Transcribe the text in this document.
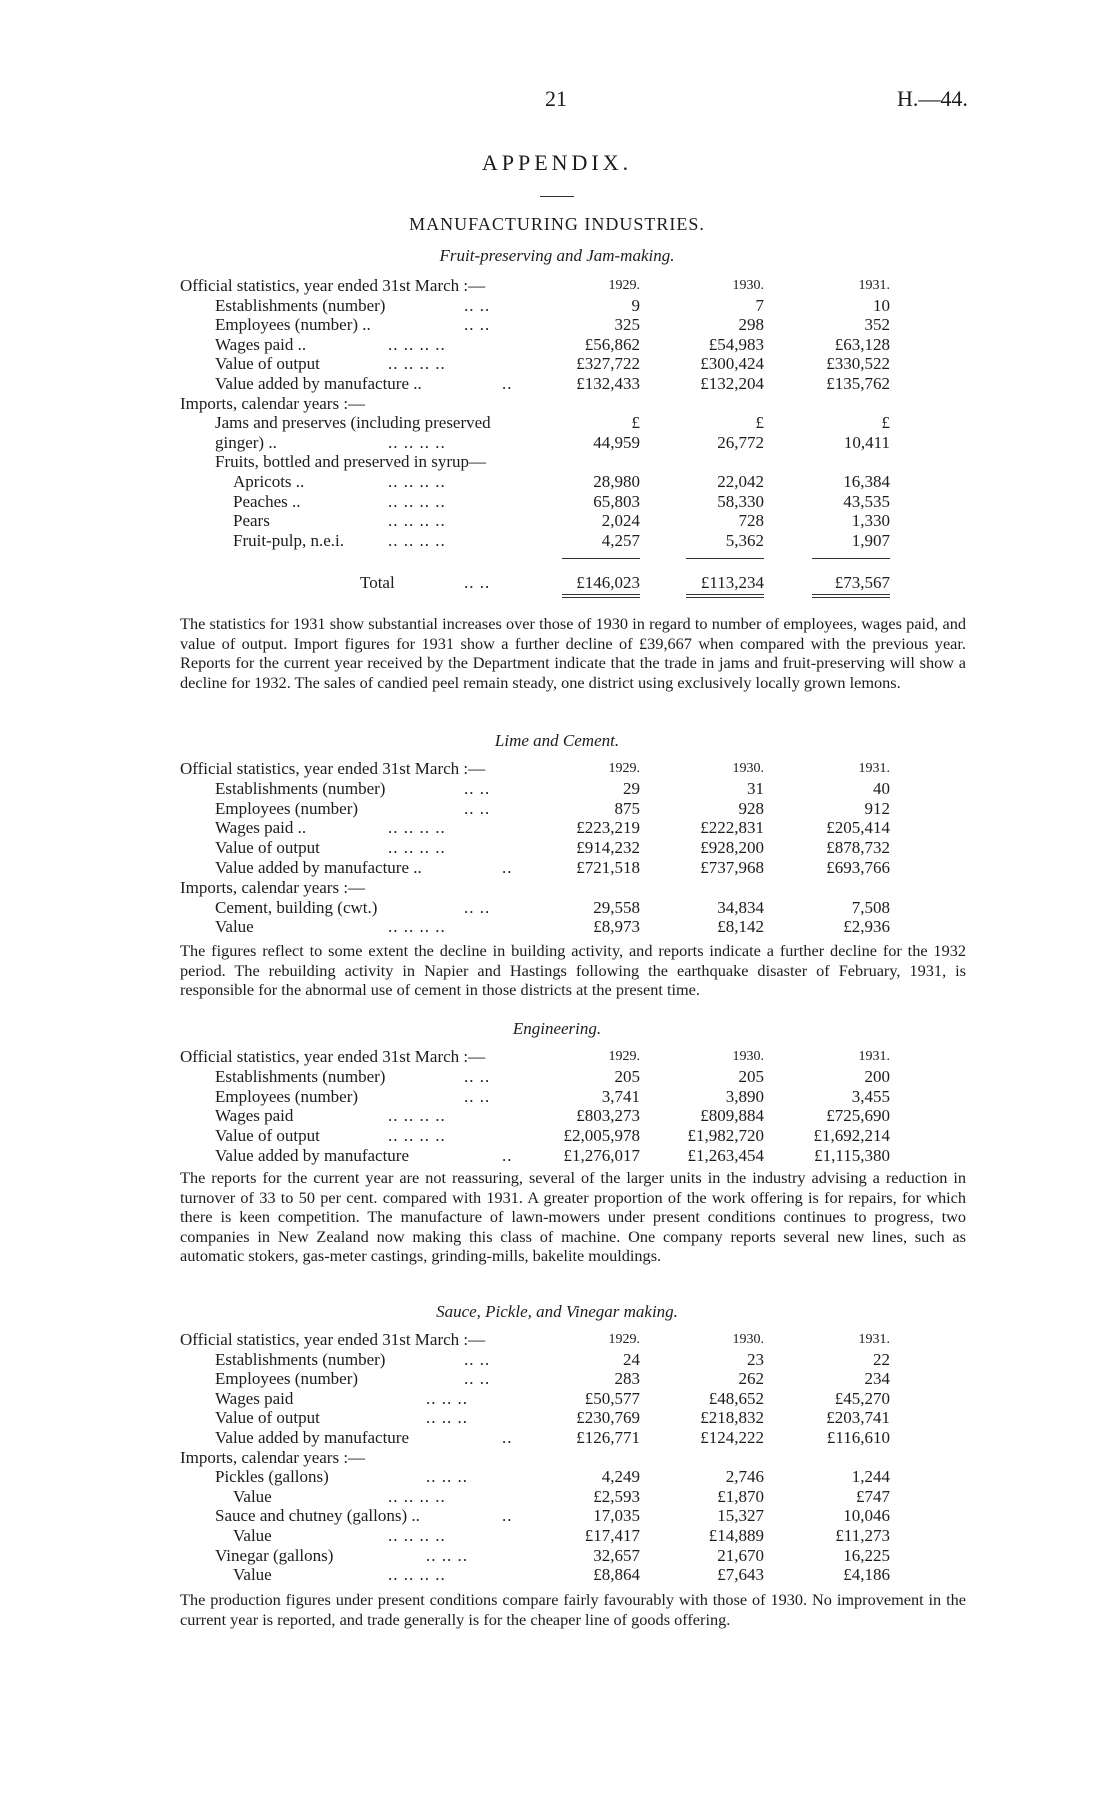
21	H.—44.
APPENDIX.
MANUFACTURING INDUSTRIES.
Fruit-preserving and Jam-making.
Official statistics, year ended 31st March :—	1929.	1930.	1931.
Establishments (number)	.. ..	9	7	10
Employees (number) ..	.. ..	325	298	352
Wages paid ..	.. .. .. ..	£56,862	£54,983	£63,128
Value of output	.. .. .. ..	£327,722	£300,424	£330,522
Value added by manufacture ..	..	£132,433	£132,204	£135,762
Imports, calendar years :—
Jams and preserves (including preserved	£	£	£
ginger) ..	.. .. .. ..	44,959	26,772	10,411
Fruits, bottled and preserved in syrup—
Apricots ..	.. .. .. ..	28,980	22,042	16,384
Peaches ..	.. .. .. ..	65,803	58,330	43,535
Pears	.. .. .. ..	2,024	728	1,330
Fruit-pulp, n.e.i.	.. .. .. ..	4,257	5,362	1,907
Total	.. ..	£146,023	£113,234	£73,567
The statistics for 1931 show substantial increases over those of 1930 in regard to number of employees, wages paid, and value of output. Import figures for 1931 show a further decline of £39,667 when compared with the previous year. Reports for the current year received by the Department indicate that the trade in jams and fruit-preserving will show a decline for 1932. The sales of candied peel remain steady, one district using exclusively locally grown lemons.
Lime and Cement.
Official statistics, year ended 31st March :—	1929.	1930.	1931.
Establishments (number)	.. ..	29	31	40
Employees (number)	.. ..	875	928	912
Wages paid ..	.. .. .. ..	£223,219	£222,831	£205,414
Value of output	.. .. .. ..	£914,232	£928,200	£878,732
Value added by manufacture ..	..	£721,518	£737,968	£693,766
Imports, calendar years :—
Cement, building (cwt.)	.. ..	29,558	34,834	7,508
Value	.. .. .. ..	£8,973	£8,142	£2,936
The figures reflect to some extent the decline in building activity, and reports indicate a further decline for the 1932 period. The rebuilding activity in Napier and Hastings following the earthquake disaster of February, 1931, is responsible for the abnormal use of cement in those districts at the present time.
Engineering.
Official statistics, year ended 31st March :—	1929.	1930.	1931.
Establishments (number)	.. ..	205	205	200
Employees (number)	.. ..	3,741	3,890	3,455
Wages paid	.. .. .. ..	£803,273	£809,884	£725,690
Value of output	.. .. .. ..	£2,005,978	£1,982,720	£1,692,214
Value added by manufacture	..	£1,276,017	£1,263,454	£1,115,380
The reports for the current year are not reassuring, several of the larger units in the industry advising a reduction in turnover of 33 to 50 per cent. compared with 1931. A greater proportion of the work offering is for repairs, for which there is keen competition. The manufacture of lawn-mowers under present conditions continues to progress, two companies in New Zealand now making this class of machine. One company reports several new lines, such as automatic stokers, gas-meter castings, grinding-mills, bakelite mouldings.
Sauce, Pickle, and Vinegar making.
Official statistics, year ended 31st March :—	1929.	1930.	1931.
Establishments (number)	.. ..	24	23	22
Employees (number)	.. ..	283	262	234
Wages paid	.. .. ..	£50,577	£48,652	£45,270
Value of output	.. .. ..	£230,769	£218,832	£203,741
Value added by manufacture	..	£126,771	£124,222	£116,610
Imports, calendar years :—
Pickles (gallons)	.. .. ..	4,249	2,746	1,244
Value	.. .. .. ..	£2,593	£1,870	£747
Sauce and chutney (gallons) ..	..	17,035	15,327	10,046
Value	.. .. .. ..	£17,417	£14,889	£11,273
Vinegar (gallons)	.. .. ..	32,657	21,670	16,225
Value	.. .. .. ..	£8,864	£7,643	£4,186
The production figures under present conditions compare fairly favourably with those of 1930. No improvement in the current year is reported, and trade generally is for the cheaper line of goods offering.
